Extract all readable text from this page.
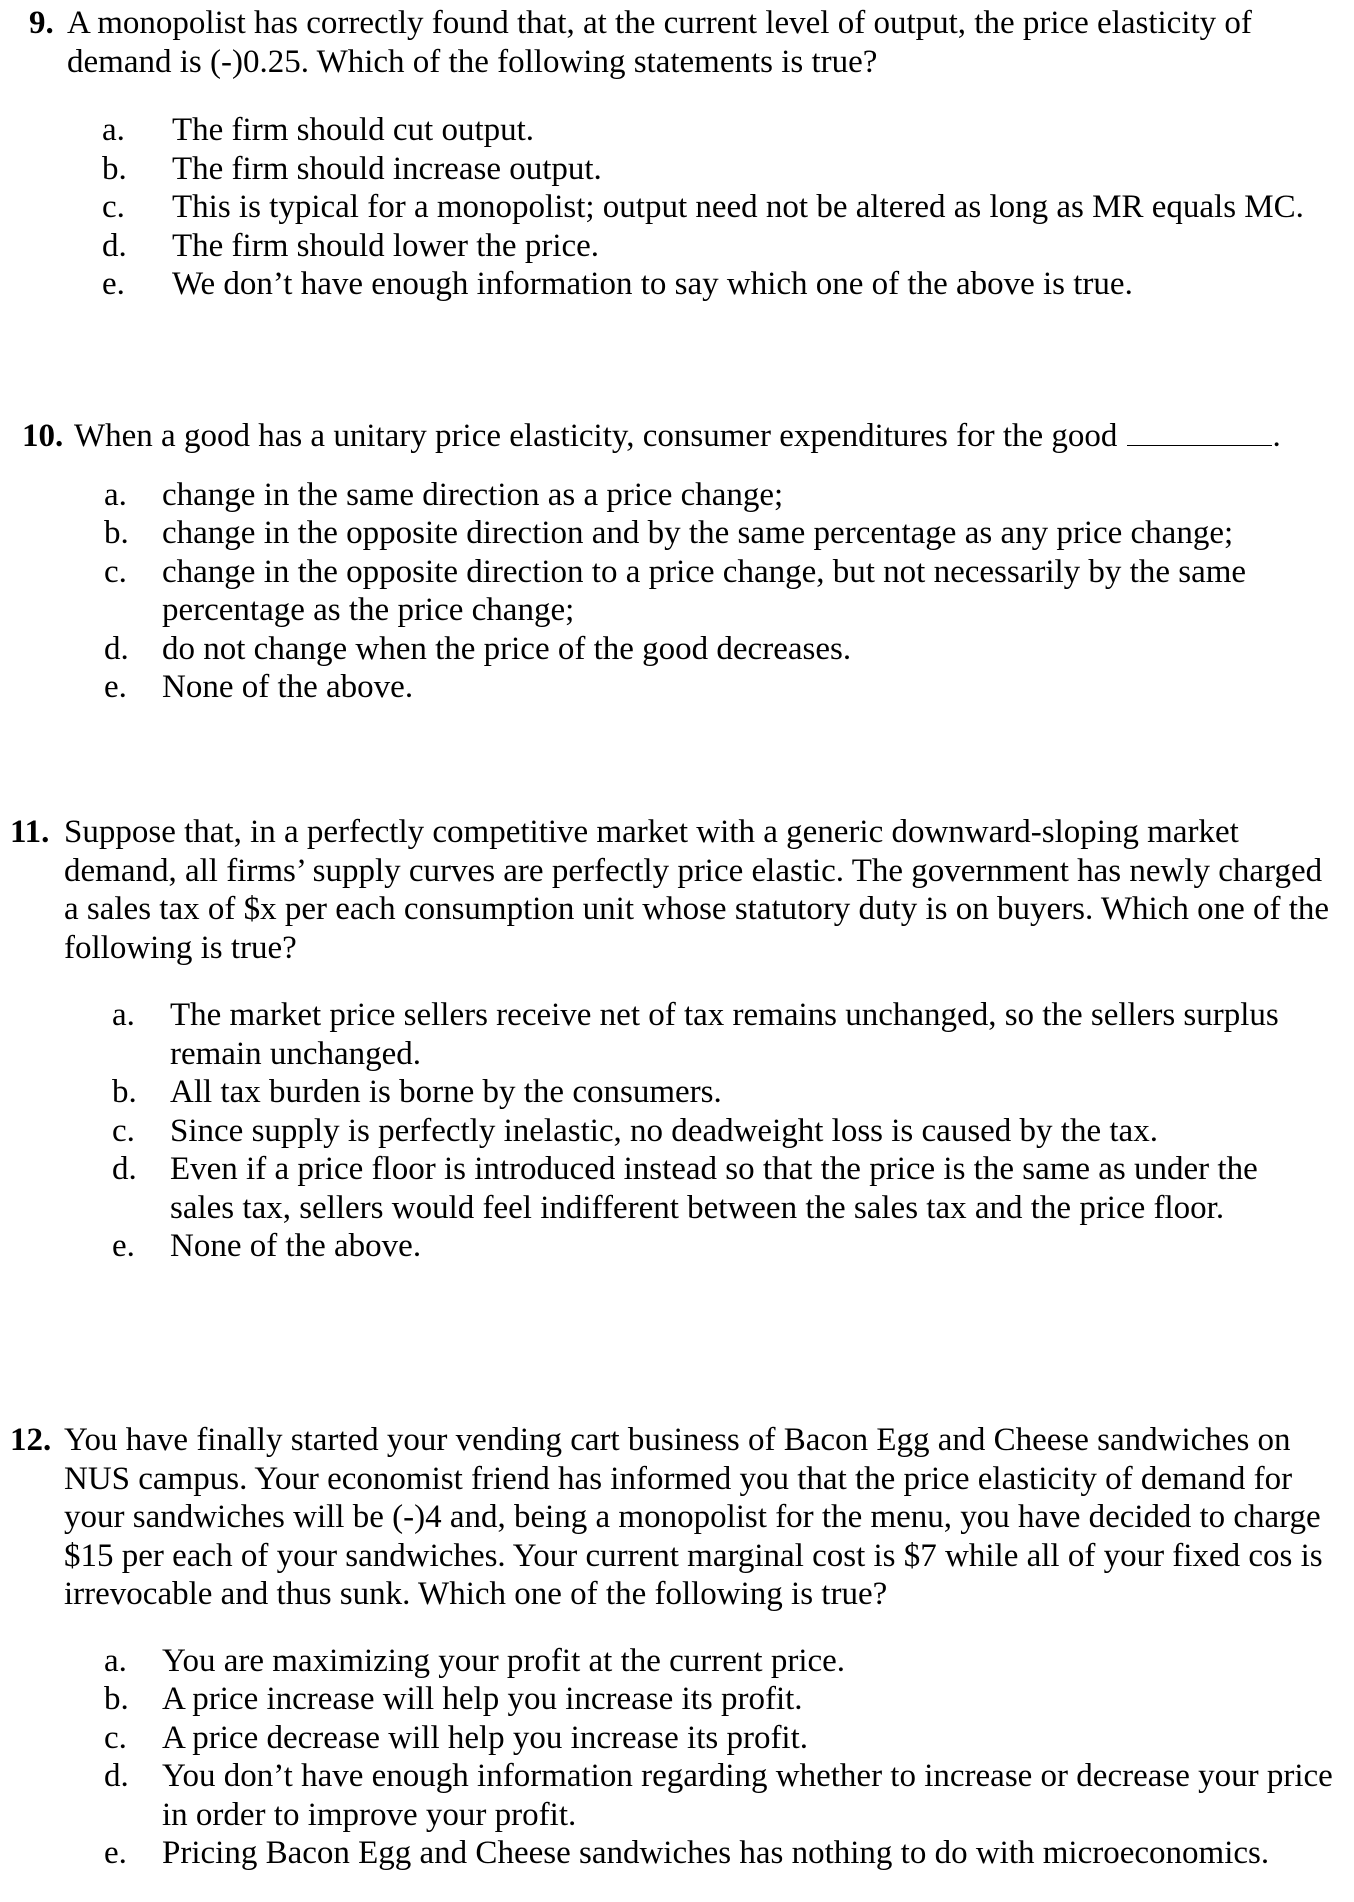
9. A monopolist has correctly found that, at the current level of output, the price elasticity of demand is (-)0.25. Which of the following statements is true?
a. The firm should cut output.
b. The firm should increase output.
c. This is typical for a monopolist; output need not be altered as long as MR equals MC.
d. The firm should lower the price.
e. We don’t have enough information to say which one of the above is true.
10. When a good has a unitary price elasticity, consumer expenditures for the good	.
a. change in the same direction as a price change;
b. change in the opposite direction and by the same percentage as any price change;
c. change in the opposite direction to a price change, but not necessarily by the same percentage as the price change;
d. do not change when the price of the good decreases.
e. None of the above.
11. Suppose that, in a perfectly competitive market with a generic downward-sloping market demand, all firms’ supply curves are perfectly price elastic. The government has newly charged a sales tax of $x per each consumption unit whose statutory duty is on buyers. Which one of the following is true?
a. The market price sellers receive net of tax remains unchanged, so the sellers surplus remain unchanged.
b. All tax burden is borne by the consumers.
c. Since supply is perfectly inelastic, no deadweight loss is caused by the tax.
d. Even if a price floor is introduced instead so that the price is the same as under the sales tax, sellers would feel indifferent between the sales tax and the price floor.
e. None of the above.
12. You have finally started your vending cart business of Bacon Egg and Cheese sandwiches on NUS campus. Your economist friend has informed you that the price elasticity of demand for your sandwiches will be (-)4 and, being a monopolist for the menu, you have decided to charge $15 per each of your sandwiches. Your current marginal cost is $7 while all of your fixed cos is irrevocable and thus sunk. Which one of the following is true?
a. You are maximizing your profit at the current price.
b. A price increase will help you increase its profit.
c. A price decrease will help you increase its profit.
d. You don’t have enough information regarding whether to increase or decrease your price in order to improve your profit.
e. Pricing Bacon Egg and Cheese sandwiches has nothing to do with microeconomics.
